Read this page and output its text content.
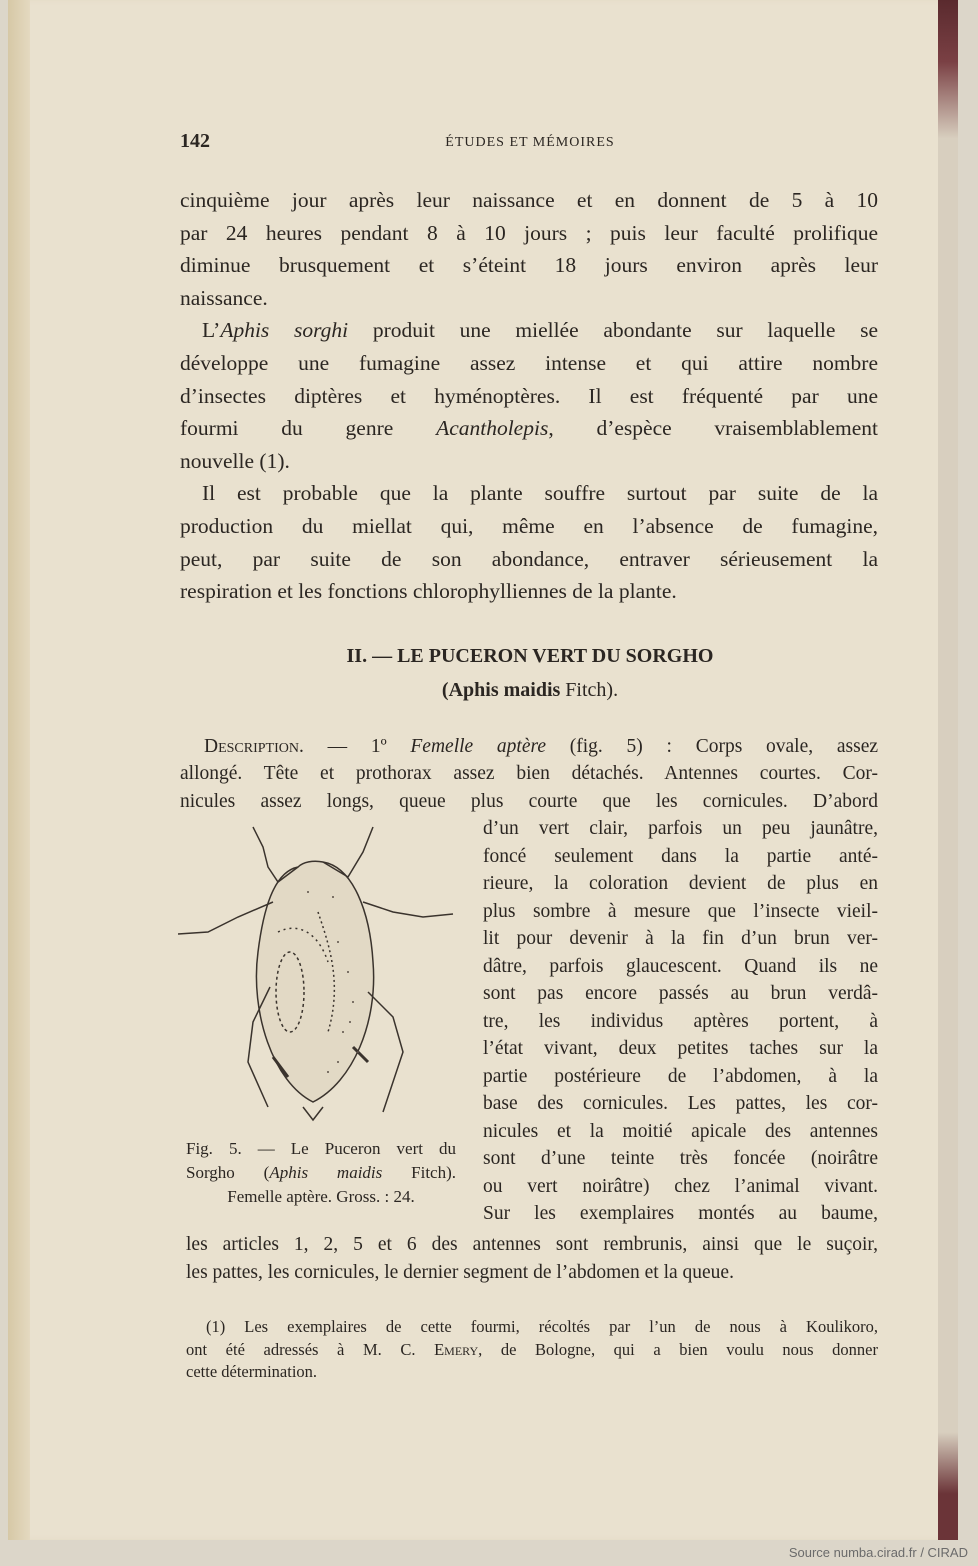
142	ÉTUDES ET MÉMOIRES
cinquième jour après leur naissance et en donnent de 5 à 10
par 24 heures pendant 8 à 10 jours ; puis leur faculté prolifique
diminue brusquement et s’éteint 18 jours environ après leur
naissance.
L’Aphis sorghi produit une miellée abondante sur laquelle se
développe une fumagine assez intense et qui attire nombre
d’insectes diptères et hyménoptères. Il est fréquenté par une
fourmi du genre Acantholepis, d’espèce vraisemblablement
nouvelle (1).
Il est probable que la plante souffre surtout par suite de la
production du miellat qui, même en l’absence de fumagine,
peut, par suite de son abondance, entraver sérieusement la
respiration et les fonctions chlorophylliennes de la plante.
Description. — 1º Femelle aptère (fig. 5) : Corps ovale, assez
allongé. Tête et prothorax assez bien détachés. Antennes courtes. Cor-
nicules assez longs, queue plus courte que les cornicules. D’abord
d’un vert clair, parfois un peu jaunâtre,
foncé seulement dans la partie anté-
rieure, la coloration devient de plus en
plus sombre à mesure que l’insecte vieil-
lit pour devenir à la fin d’un brun ver-
dâtre, parfois glaucescent. Quand ils ne
sont pas encore passés au brun verdâ-
tre, les individus aptères portent, à
l’état vivant, deux petites taches sur la
partie postérieure de l’abdomen, à la
base des cornicules. Les pattes, les cor-
nicules et la moitié apicale des antennes
sont d’une teinte très foncée (noirâtre
ou vert noirâtre) chez l’animal vivant.
Sur les exemplaires montés au baume,
les articles 1, 2, 5 et 6 des antennes sont rembrunis, ainsi que le suçoir,
les pattes, les cornicules, le dernier segment de l’abdomen et la queue.
Fig. 5. — Le Puceron vert du
Sorgho (Aphis maidis Fitch).
Femelle aptère. Gross. : 24.
(1) Les exemplaires de cette fourmi, récoltés par l’un de nous à Koulikoro,
ont été adressés à M. C. Emery, de Bologne, qui a bien voulu nous donner
cette détermination.
II. — LE PUCERON VERT DU SORGHO
(Aphis maidis Fitch).
Source numba.cirad.fr / CIRAD
